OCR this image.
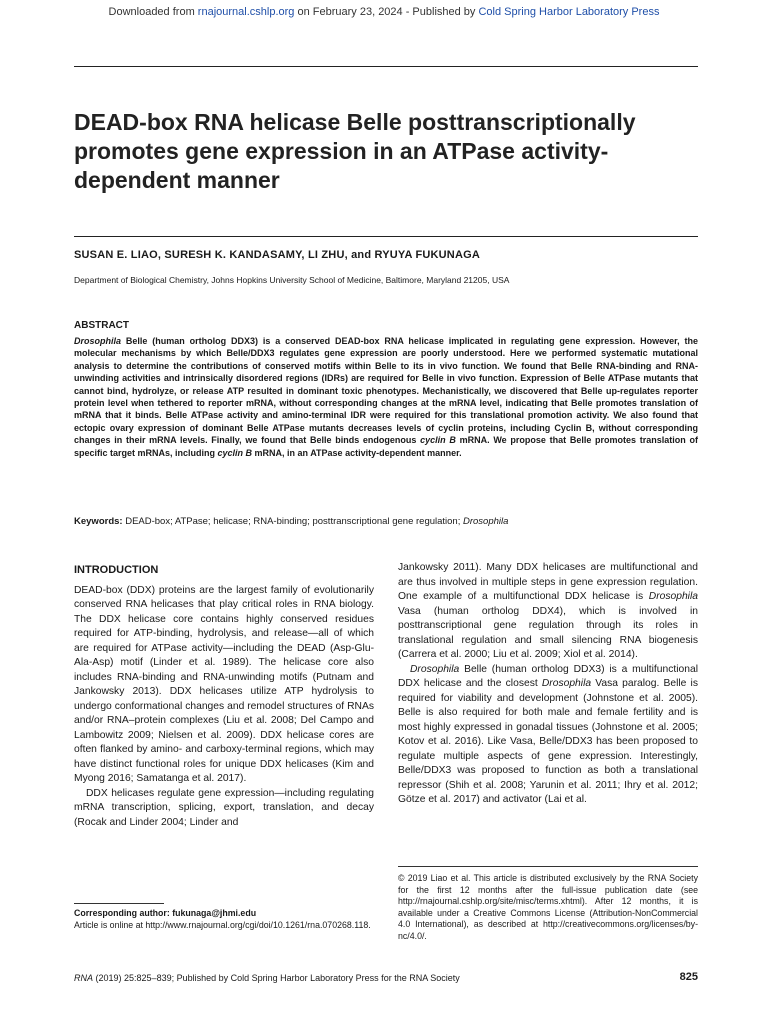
Downloaded from rnajournal.cshlp.org on February 23, 2024 - Published by Cold Spring Harbor Laboratory Press
DEAD-box RNA helicase Belle posttranscriptionally promotes gene expression in an ATPase activity-dependent manner
SUSAN E. LIAO, SURESH K. KANDASAMY, LI ZHU, and RYUYA FUKUNAGA
Department of Biological Chemistry, Johns Hopkins University School of Medicine, Baltimore, Maryland 21205, USA
ABSTRACT

Drosophila Belle (human ortholog DDX3) is a conserved DEAD-box RNA helicase implicated in regulating gene expression. However, the molecular mechanisms by which Belle/DDX3 regulates gene expression are poorly understood. Here we performed systematic mutational analysis to determine the contributions of conserved motifs within Belle to its in vivo function. We found that Belle RNA-binding and RNA-unwinding activities and intrinsically disordered regions (IDRs) are required for Belle in vivo function. Expression of Belle ATPase mutants that cannot bind, hydrolyze, or release ATP resulted in dominant toxic phenotypes. Mechanistically, we discovered that Belle up-regulates reporter protein level when tethered to reporter mRNA, without corresponding changes at the mRNA level, indicating that Belle promotes translation of mRNA that it binds. Belle ATPase activity and amino-terminal IDR were required for this translational promotion activity. We also found that ectopic ovary expression of dominant Belle ATPase mutants decreases levels of cyclin proteins, including Cyclin B, without corresponding changes in their mRNA levels. Finally, we found that Belle binds endogenous cyclin B mRNA. We propose that Belle promotes translation of specific target mRNAs, including cyclin B mRNA, in an ATPase activity-dependent manner.

Keywords: DEAD-box; ATPase; helicase; RNA-binding; posttranscriptional gene regulation; Drosophila
INTRODUCTION

DEAD-box (DDX) proteins are the largest family of evolutionarily conserved RNA helicases that play critical roles in RNA biology. The DDX helicase core contains highly conserved residues required for ATP-binding, hydrolysis, and release—all of which are required for ATPase activity—including the DEAD (Asp-Glu-Ala-Asp) motif (Linder et al. 1989). The helicase core also includes RNA-binding and RNA-unwinding motifs (Putnam and Jankowsky 2013). DDX helicases utilize ATP hydrolysis to undergo conformational changes and remodel structures of RNAs and/or RNA–protein complexes (Liu et al. 2008; Del Campo and Lambowitz 2009; Nielsen et al. 2009). DDX helicase cores are often flanked by amino- and carboxy-terminal regions, which may have distinct functional roles for unique DDX helicases (Kim and Myong 2016; Samatanga et al. 2017).

DDX helicases regulate gene expression—including regulating mRNA transcription, splicing, export, translation, and decay (Rocak and Linder 2004; Linder and

Jankowsky 2011). Many DDX helicases are multifunctional and are thus involved in multiple steps in gene expression regulation. One example of a multifunctional DDX helicase is Drosophila Vasa (human ortholog DDX4), which is involved in posttranscriptional gene regulation through its roles in translational regulation and small silencing RNA biogenesis (Carrera et al. 2000; Liu et al. 2009; Xiol et al. 2014).

Drosophila Belle (human ortholog DDX3) is a multifunctional DDX helicase and the closest Drosophila Vasa paralog. Belle is required for viability and development (Johnstone et al. 2005). Belle is also required for both male and female fertility and is most highly expressed in gonadal tissues (Johnstone et al. 2005; Kotov et al. 2016). Like Vasa, Belle/DDX3 has been proposed to regulate multiple aspects of gene expression. Interestingly, Belle/DDX3 was proposed to function as both a translational repressor (Shih et al. 2008; Yarunin et al. 2011; Ihry et al. 2012; Götze et al. 2017) and activator (Lai et al.

© 2019 Liao et al. This article is distributed exclusively by the RNA Society for the first 12 months after the full-issue publication date (see http://rnajournal.cshlp.org/site/misc/terms.xhtml). After 12 months, it is available under a Creative Commons License (Attribution-NonCommercial 4.0 International), as described at http://creativecommons.org/licenses/by-nc/4.0/.
Corresponding author: fukunaga@jhmi.edu
Article is online at http://www.rnajournal.org/cgi/doi/10.1261/rna.070268.118.
RNA (2019) 25:825–839; Published by Cold Spring Harbor Laboratory Press for the RNA Society	825
